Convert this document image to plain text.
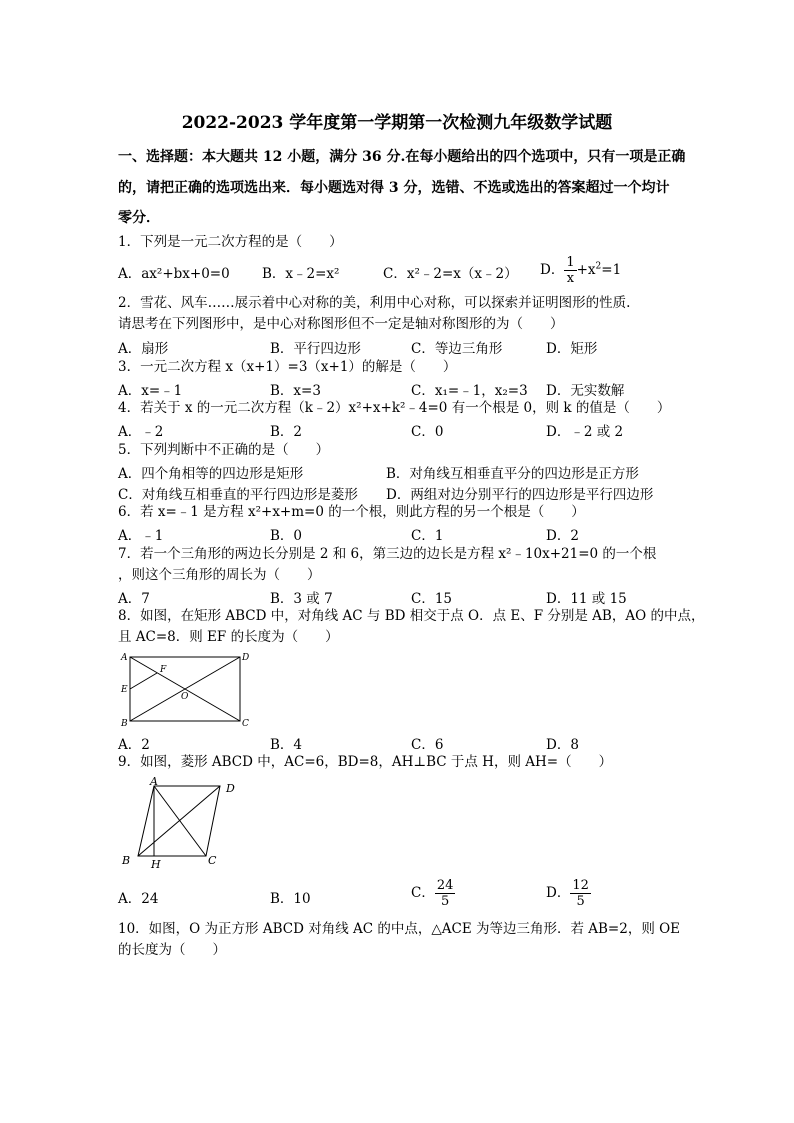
2022-2023 学年度第一学期第一次检测九年级数学试题
一、选择题：本大题共 12 小题，满分 36 分.在每小题给出的四个选项中，只有一项是正确
的，请把正确的选项选出来．每小题选对得 3 分，选错、不选或选出的答案超过一个均计
零分．
1．下列是一元二次方程的是（　　）
A．ax²+bx+0=0 B．x﹣2=x²	C．x²﹣2=x（x﹣2） D． $\frac{1}{x} +x^2=1$
2．雪花、风车……展示着中心对称的美，利用中心对称，可以探索并证明图形的性质.
请思考在下列图形中，是中心对称图形但不一定是轴对称图形的为（　　）
A．扇形	B．平行四边形	C．等边三角形	D．矩形
3．一元二次方程 x（x+1）=3（x+1）的解是（　　）
A．x=﹣1	B．x=3	C．x₁=﹣1，x₂=3 D．无实数解
4．若关于 x 的一元二次方程（k﹣2）x²+x+k²﹣4=0 有一个根是 0，则 k 的值是（　　）
A．﹣2	B．2	C．0	D．﹣2 或 2
5．下列判断中不正确的是（　　）
A．四个角相等的四边形是矩形	B．对角线互相垂直平分的四边形是正方形
C．对角线互相垂直的平行四边形是菱形 D．两组对边分别平行的四边形是平行四边形
6．若 x=﹣1 是方程 x²+x+m=0 的一个根，则此方程的另一个根是（　　）
A．﹣1	B．0	C．1	D．2
7．若一个三角形的两边长分别是 2 和 6，第三边的边长是方程 x²﹣10x+21=0 的一个根
，则这个三角形的周长为（　　）
A．7	B．3 或 7	C．15	D．11 或 15
8．如图，在矩形 ABCD 中，对角线 AC 与 BD 相交于点 O．点 E、F 分别是 AB，AO 的中点，
且 AC=8．则 EF 的长度为（　　）
A	D
E
F
O
B	C
A．2	B．4	C．6	D．8
9．如图，菱形 ABCD 中，AC=6，BD=8，AH⊥BC 于点 H，则 AH=（　　）
A
D
B H	C
A．24	B．10	C． $\frac{24}{5}$	D． $\frac{12}{5}$
10．如图，O 为正方形 ABCD 对角线 AC 的中点，△ACE 为等边三角形．若 AB=2，则 OE
的长度为（　　）
